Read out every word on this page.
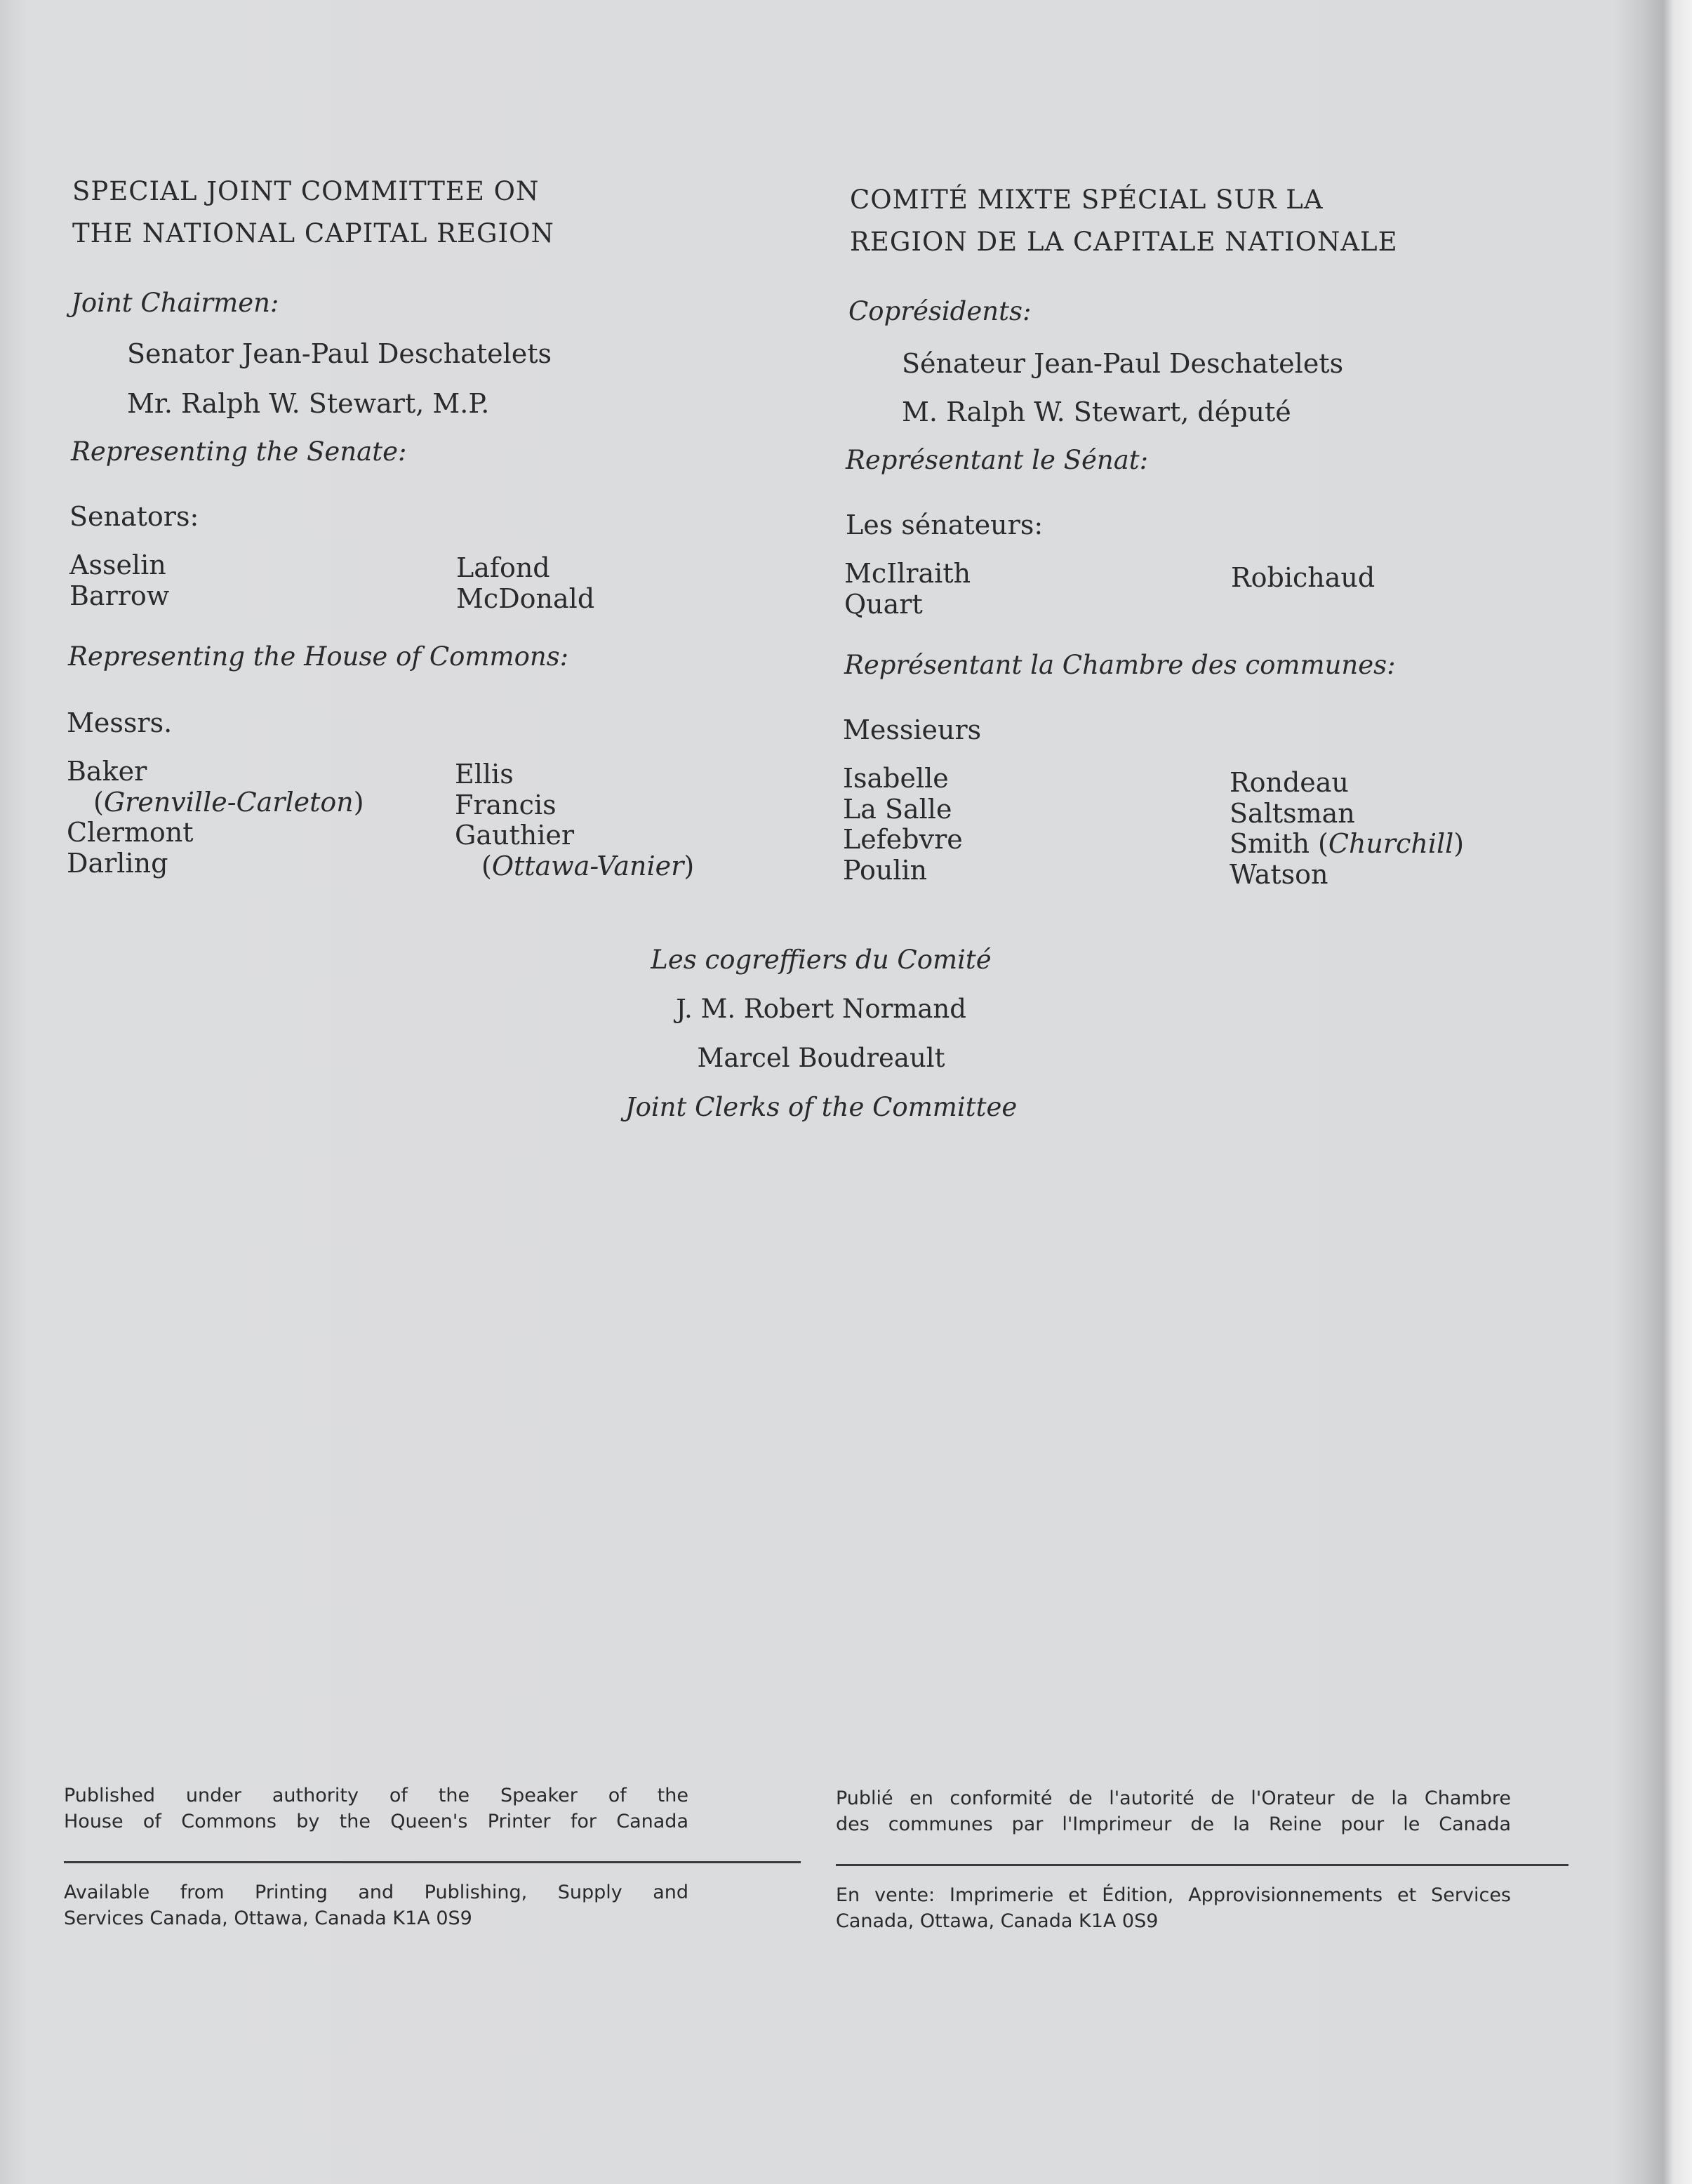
SPECIAL JOINT COMMITTEE ON
THE NATIONAL CAPITAL REGION
Joint Chairmen:
Senator Jean-Paul Deschatelets
Mr. Ralph W. Stewart, M.P.
Representing the Senate:
Senators:
Asselin
Barrow
Lafond
McDonald
Representing the House of Commons:
Messrs.
Baker
(Grenville-Carleton)
Clermont
Darling
Ellis
Francis
Gauthier
(Ottawa-Vanier)
COMITÉ MIXTE SPÉCIAL SUR LA
REGION DE LA CAPITALE NATIONALE
Coprésidents:
Sénateur Jean-Paul Deschatelets
M. Ralph W. Stewart, député
Représentant le Sénat:
Les sénateurs:
McIlraith
Quart
Robichaud
Représentant la Chambre des communes:
Messieurs
Isabelle
La Salle
Lefebvre
Poulin
Rondeau
Saltsman
Smith (Churchill)
Watson
Les cogreffiers du Comité
J. M. Robert Normand
Marcel Boudreault
Joint Clerks of the Committee
Published under authority of the Speaker of the
House of Commons by the Queen's Printer for Canada
Available from Printing and Publishing, Supply and
Services Canada, Ottawa, Canada K1A 0S9
Publié en conformité de l'autorité de l'Orateur de la Chambre
des communes par l'Imprimeur de la Reine pour le Canada
En vente: Imprimerie et Édition, Approvisionnements et Services
Canada, Ottawa, Canada K1A 0S9
